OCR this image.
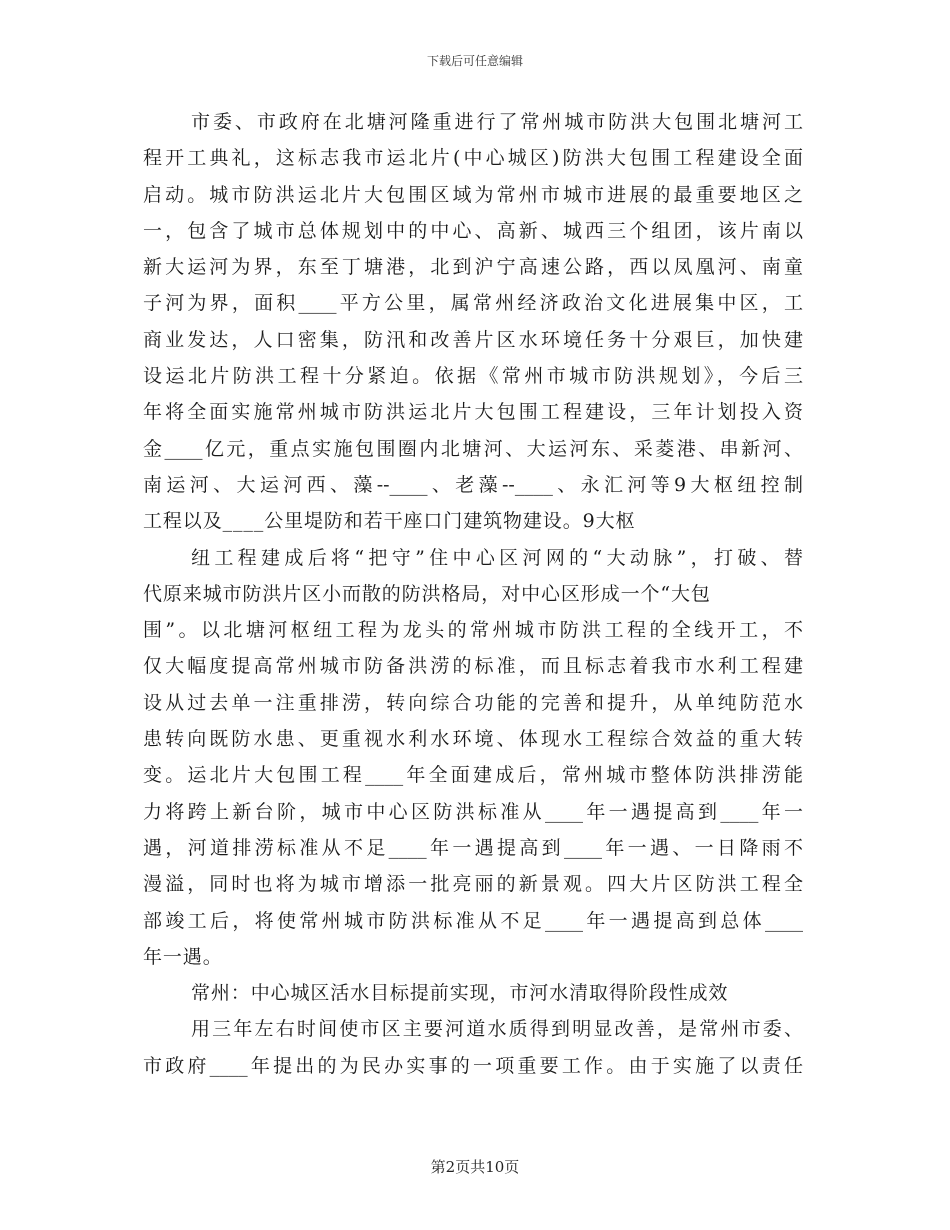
下载后可任意编辑
市委、市政府在北塘河隆重进行了常州城市防洪大包围北塘河工
程开工典礼，这标志我市运北片(中心城区)防洪大包围工程建设全面
启动。城市防洪运北片大包围区域为常州市城市进展的最重要地区之
一，包含了城市总体规划中的中心、高新、城西三个组团，该片南以
新大运河为界，东至丁塘港，北到沪宁高速公路，西以凤凰河、南童
子河为界，面积____平方公里，属常州经济政治文化进展集中区，工
商业发达，人口密集，防汛和改善片区水环境任务十分艰巨，加快建
设运北片防洪工程十分紧迫。依据《常州市城市防洪规划》，今后三
年将全面实施常州城市防洪运北片大包围工程建设，三年计划投入资
金____亿元，重点实施包围圈内北塘河、大运河东、采菱港、串新河、
南运河、大运河西、藻--____、老藻--____、永汇河等9大枢纽控制
工程以及____公里堤防和若干座口门建筑物建设。9大枢
纽工程建成后将“把守”住中心区河网的“大动脉”，打破、替
代原来城市防洪片区小而散的防洪格局，对中心区形成一个“大包
围”。以北塘河枢纽工程为龙头的常州城市防洪工程的全线开工，不
仅大幅度提高常州城市防备洪涝的标准，而且标志着我市水利工程建
设从过去单一注重排涝，转向综合功能的完善和提升，从单纯防范水
患转向既防水患、更重视水利水环境、体现水工程综合效益的重大转
变。运北片大包围工程____年全面建成后，常州城市整体防洪排涝能
力将跨上新台阶，城市中心区防洪标准从____年一遇提高到____年一
遇，河道排涝标准从不足____年一遇提高到____年一遇、一日降雨不
漫溢，同时也将为城市增添一批亮丽的新景观。四大片区防洪工程全
部竣工后，将使常州城市防洪标准从不足____年一遇提高到总体____
年一遇。
常州：中心城区活水目标提前实现，市河水清取得阶段性成效
用三年左右时间使市区主要河道水质得到明显改善，是常州市委、
市政府____年提出的为民办实事的一项重要工作。由于实施了以责任
第2页共10页
